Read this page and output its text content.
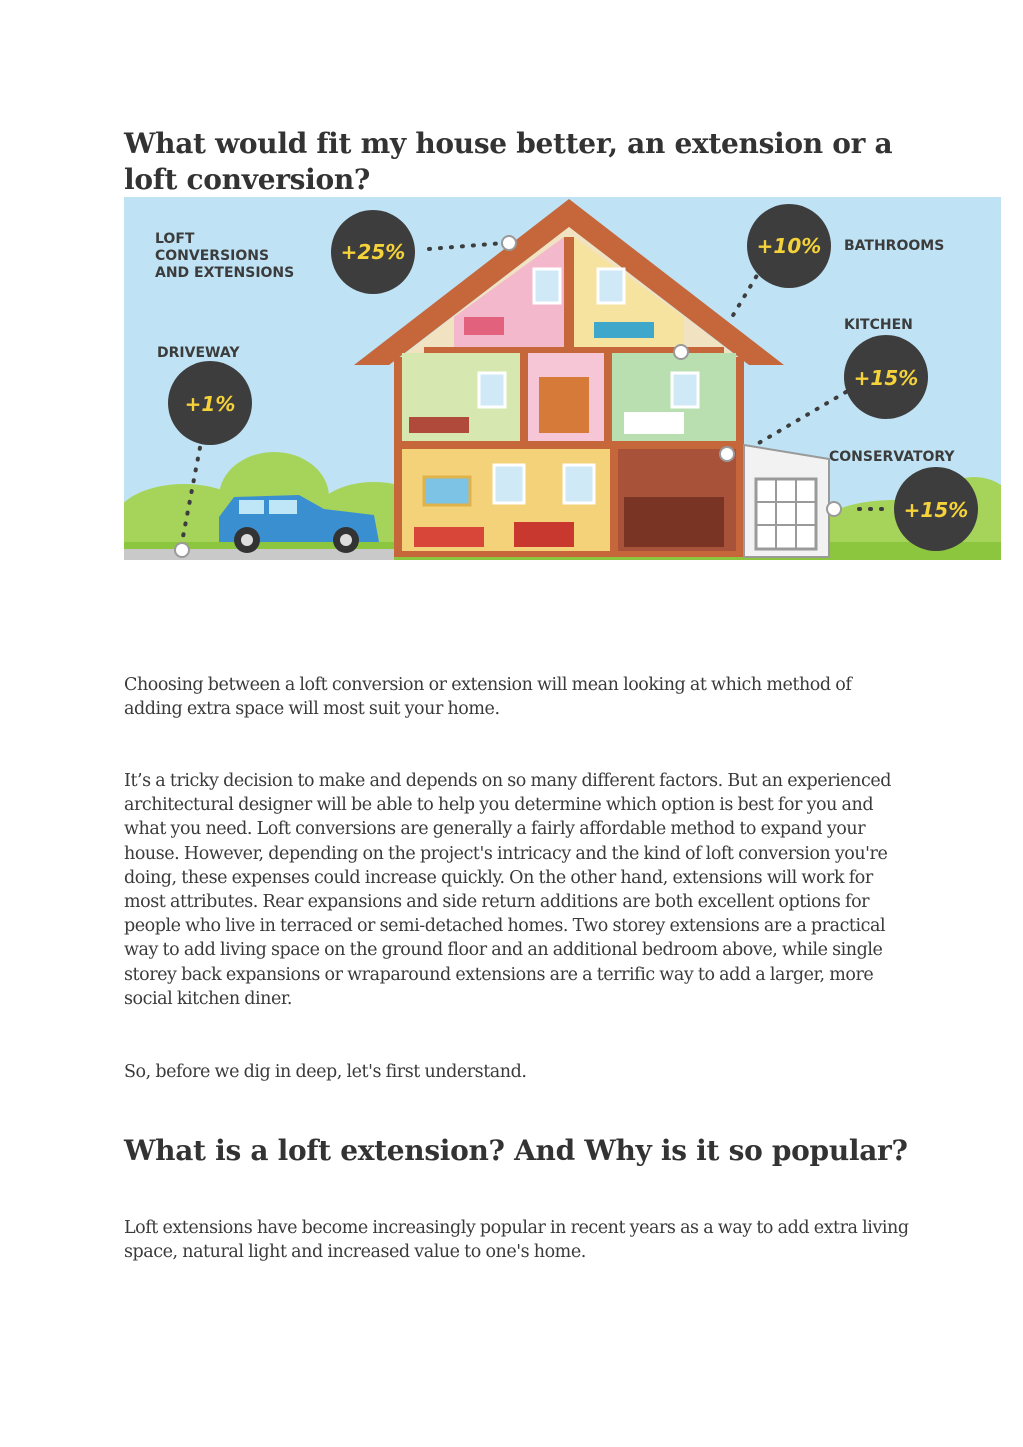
What would fit my house better, an extension or a loft conversion?
+25%	+10%
+15%
+1%
+15%
LOFT
CONVERSIONS
AND EXTENSIONS
BATHROOMS
KITCHEN
DRIVEWAY
CONSERVATORY

Choosing between a loft conversion or extension will mean looking at which method of adding extra space will most suit your home.

It’s a tricky decision to make and depends on so many different factors. But an experienced architectural designer will be able to help you determine which option is best for you and what you need. Loft conversions are generally a fairly affordable method to expand your house. However, depending on the project's intricacy and the kind of loft conversion you're doing, these expenses could increase quickly. On the other hand, extensions will work for most attributes. Rear expansions and side return additions are both excellent options for people who live in terraced or semi-detached homes. Two storey extensions are a practical way to add living space on the ground floor and an additional bedroom above, while single storey back expansions or wraparound extensions are a terrific way to add a larger, more social kitchen diner.

So, before we dig in deep, let's first understand.

What is a loft extension? And Why is it so popular?

Loft extensions have become increasingly popular in recent years as a way to add extra living space, natural light and increased value to one's home.
